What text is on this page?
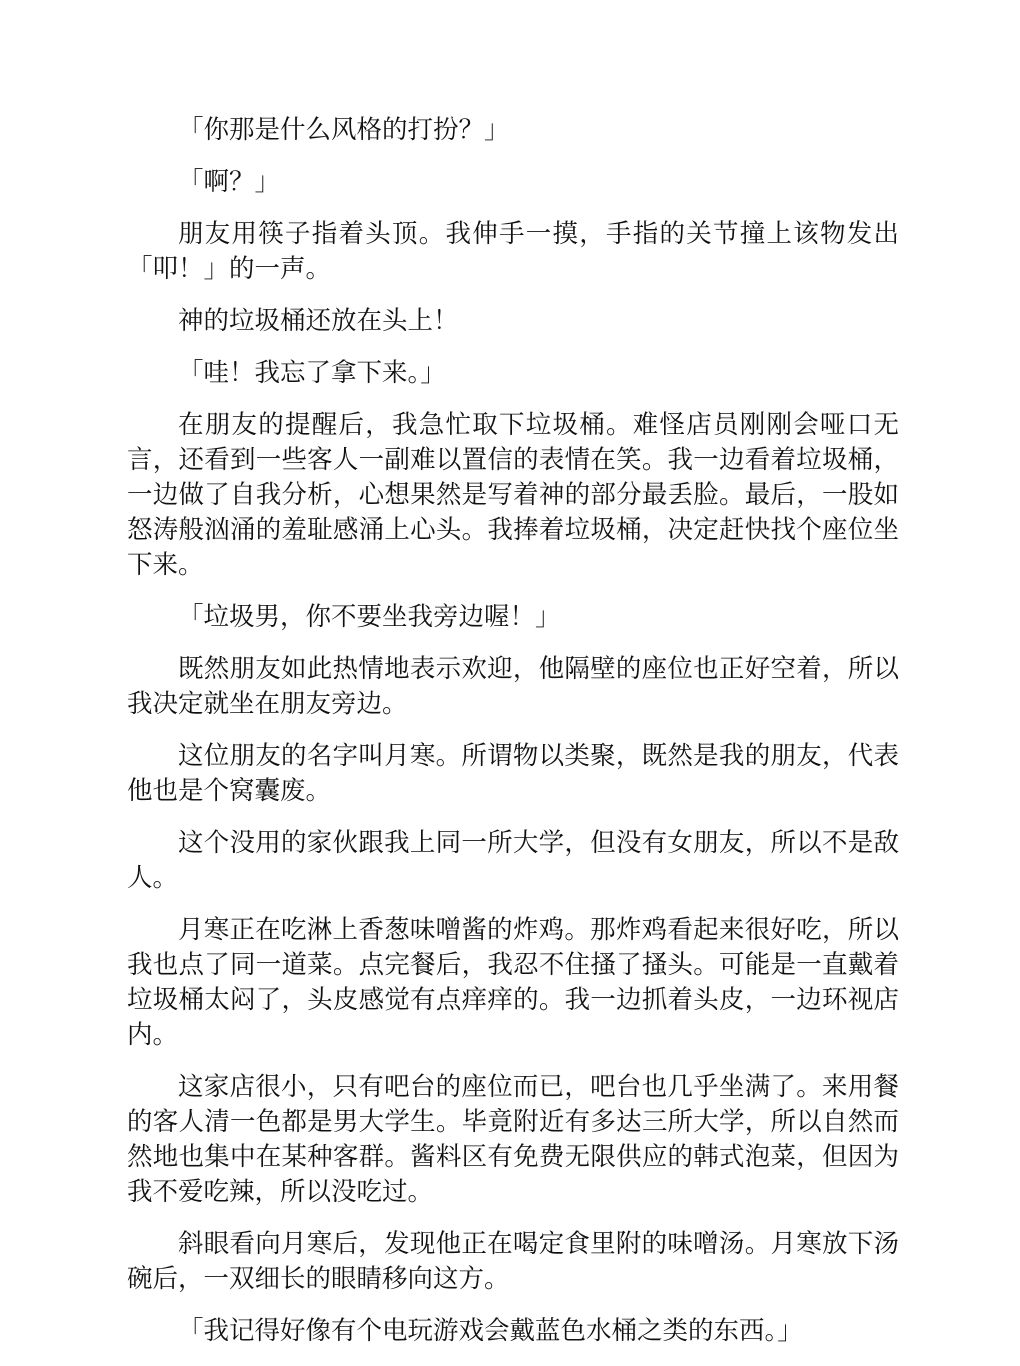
「你那是什么风格的打扮？」

「啊？」

朋友用筷子指着头顶。我伸手一摸，手指的关节撞上该物发出「叩！」的一声。

神的垃圾桶还放在头上！

「哇！我忘了拿下来。」

在朋友的提醒后，我急忙取下垃圾桶。难怪店员刚刚会哑口无言，还看到一些客人一副难以置信的表情在笑。我一边看着垃圾桶，一边做了自我分析，心想果然是写着神的部分最丢脸。最后，一股如怒涛般汹涌的羞耻感涌上心头。我捧着垃圾桶，决定赶快找个座位坐下来。

「垃圾男，你不要坐我旁边喔！」

既然朋友如此热情地表示欢迎，他隔壁的座位也正好空着，所以我决定就坐在朋友旁边。

这位朋友的名字叫月寒。所谓物以类聚，既然是我的朋友，代表他也是个窝囊废。

这个没用的家伙跟我上同一所大学，但没有女朋友，所以不是敌人。

月寒正在吃淋上香葱味噌酱的炸鸡。那炸鸡看起来很好吃，所以我也点了同一道菜。点完餐后，我忍不住搔了搔头。可能是一直戴着垃圾桶太闷了，头皮感觉有点痒痒的。我一边抓着头皮，一边环视店内。

这家店很小，只有吧台的座位而已，吧台也几乎坐满了。来用餐的客人清一色都是男大学生。毕竟附近有多达三所大学，所以自然而然地也集中在某种客群。酱料区有免费无限供应的韩式泡菜，但因为我不爱吃辣，所以没吃过。

斜眼看向月寒后，发现他正在喝定食里附的味噌汤。月寒放下汤碗后，一双细长的眼睛移向这方。

「我记得好像有个电玩游戏会戴蓝色水桶之类的东西。」
